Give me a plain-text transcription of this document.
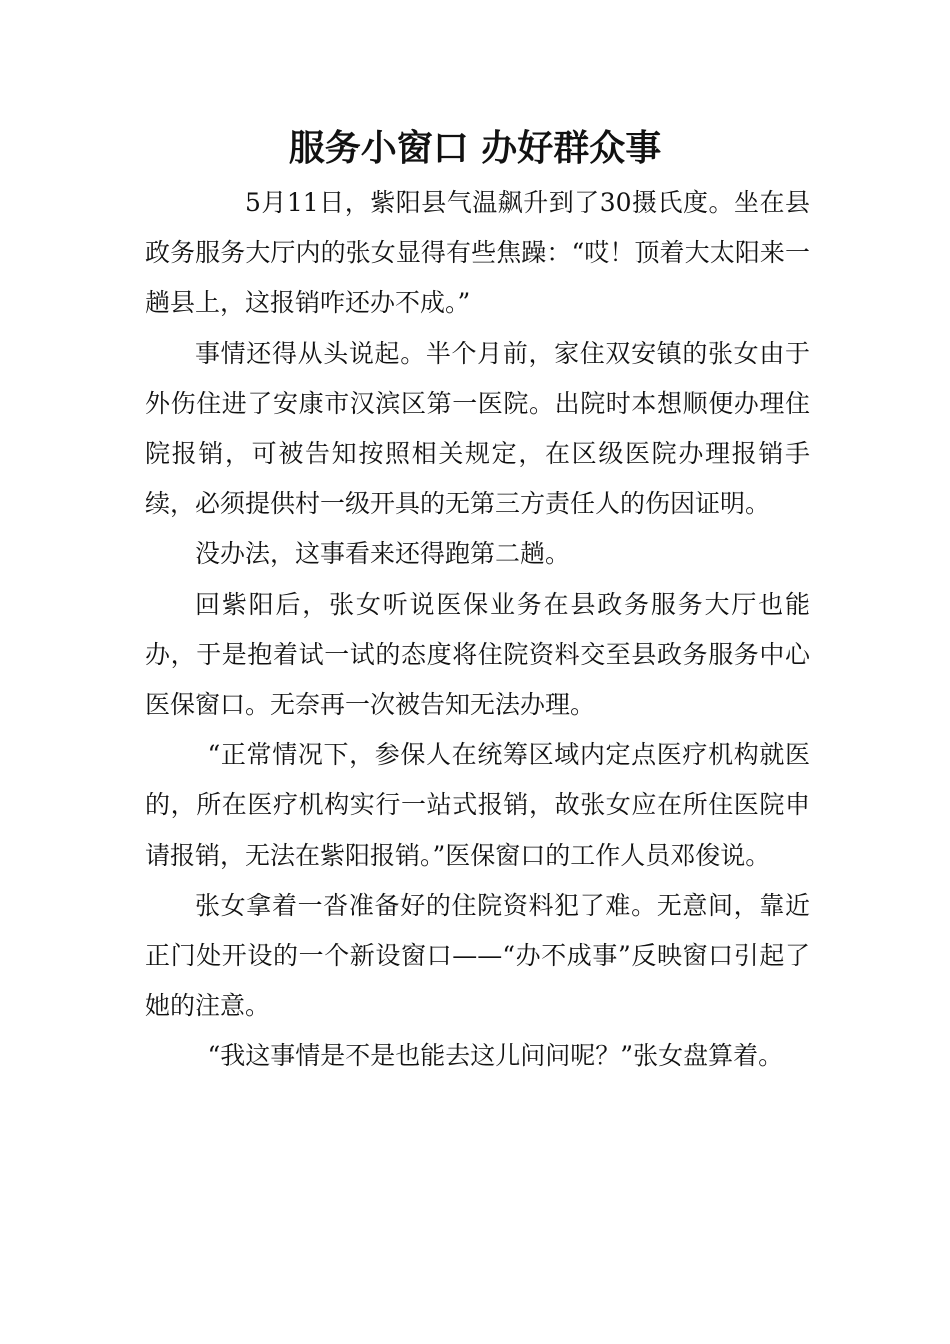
服务小窗口 办好群众事

5月11日，紫阳县气温飙升到了30摄氏度。坐在县政务服务大厅内的张女显得有些焦躁：“哎！顶着大太阳来一趟县上，这报销咋还办不成。”

事情还得从头说起。半个月前，家住双安镇的张女由于外伤住进了安康市汉滨区第一医院。出院时本想顺便办理住院报销，可被告知按照相关规定，在区级医院办理报销手续，必须提供村一级开具的无第三方责任人的伤因证明。

没办法，这事看来还得跑第二趟。

回紫阳后，张女听说医保业务在县政务服务大厅也能办，于是抱着试一试的态度将住院资料交至县政务服务中心医保窗口。无奈再一次被告知无法办理。

“正常情况下，参保人在统筹区域内定点医疗机构就医的，所在医疗机构实行一站式报销，故张女应在所住医院申请报销，无法在紫阳报销。”医保窗口的工作人员邓俊说。

张女拿着一沓准备好的住院资料犯了难。无意间，靠近正门处开设的一个新设窗口——“办不成事”反映窗口引起了她的注意。

“我这事情是不是也能去这儿问问呢？”张女盘算着。
